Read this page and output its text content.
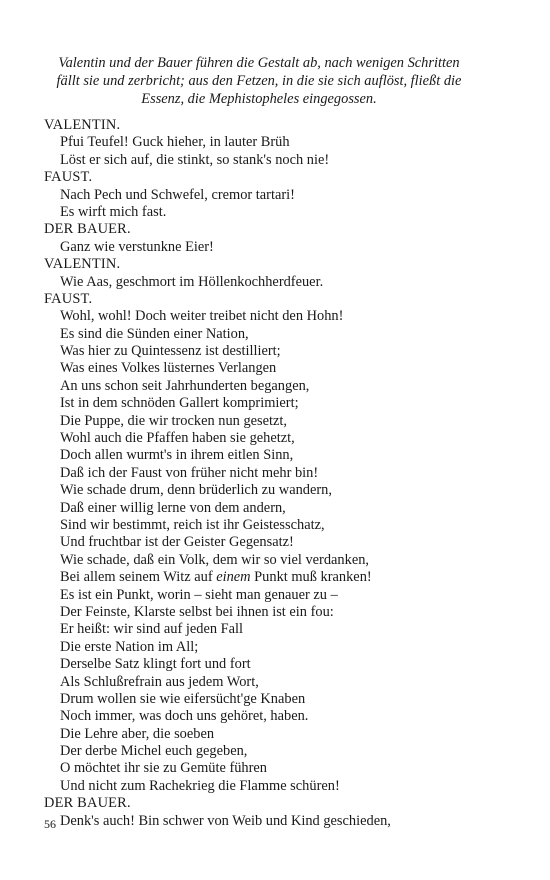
Valentin und der Bauer führen die Gestalt ab, nach wenigen Schritten
fällt sie und zerbricht; aus den Fetzen, in die sie sich auflöst, fließt die
Essenz, die Mephistopheles eingegossen.
VALENTIN.
Pfui Teufel! Guck hieher, in lauter Brüh
Löst er sich auf, die stinkt, so stank's noch nie!
FAUST.
Nach Pech und Schwefel, cremor tartari!
Es wirft mich fast.
DER BAUER.
Ganz wie verstunkne Eier!
VALENTIN.
Wie Aas, geschmort im Höllenkochherdfeuer.
FAUST.
Wohl, wohl! Doch weiter treibet nicht den Hohn!
Es sind die Sünden einer Nation,
Was hier zu Quintessenz ist destilliert;
Was eines Volkes lüsternes Verlangen
An uns schon seit Jahrhunderten begangen,
Ist in dem schnöden Gallert komprimiert;
Die Puppe, die wir trocken nun gesetzt,
Wohl auch die Pfaffen haben sie gehetzt,
Doch allen wurmt's in ihrem eitlen Sinn,
Daß ich der Faust von früher nicht mehr bin!
Wie schade drum, denn brüderlich zu wandern,
Daß einer willig lerne von dem andern,
Sind wir bestimmt, reich ist ihr Geistesschatz,
Und fruchtbar ist der Geister Gegensatz!
Wie schade, daß ein Volk, dem wir so viel verdanken,
Bei allem seinem Witz auf einem Punkt muß kranken!
Es ist ein Punkt, worin – sieht man genauer zu –
Der Feinste, Klarste selbst bei ihnen ist ein fou:
Er heißt: wir sind auf jeden Fall
Die erste Nation im All;
Derselbe Satz klingt fort und fort
Als Schlußrefrain aus jedem Wort,
Drum wollen sie wie eifersücht'ge Knaben
Noch immer, was doch uns gehöret, haben.
Die Lehre aber, die soeben
Der derbe Michel euch gegeben,
O möchtet ihr sie zu Gemüte führen
Und nicht zum Rachekrieg die Flamme schüren!
DER BAUER.
Denk's auch! Bin schwer von Weib und Kind geschieden,
56
